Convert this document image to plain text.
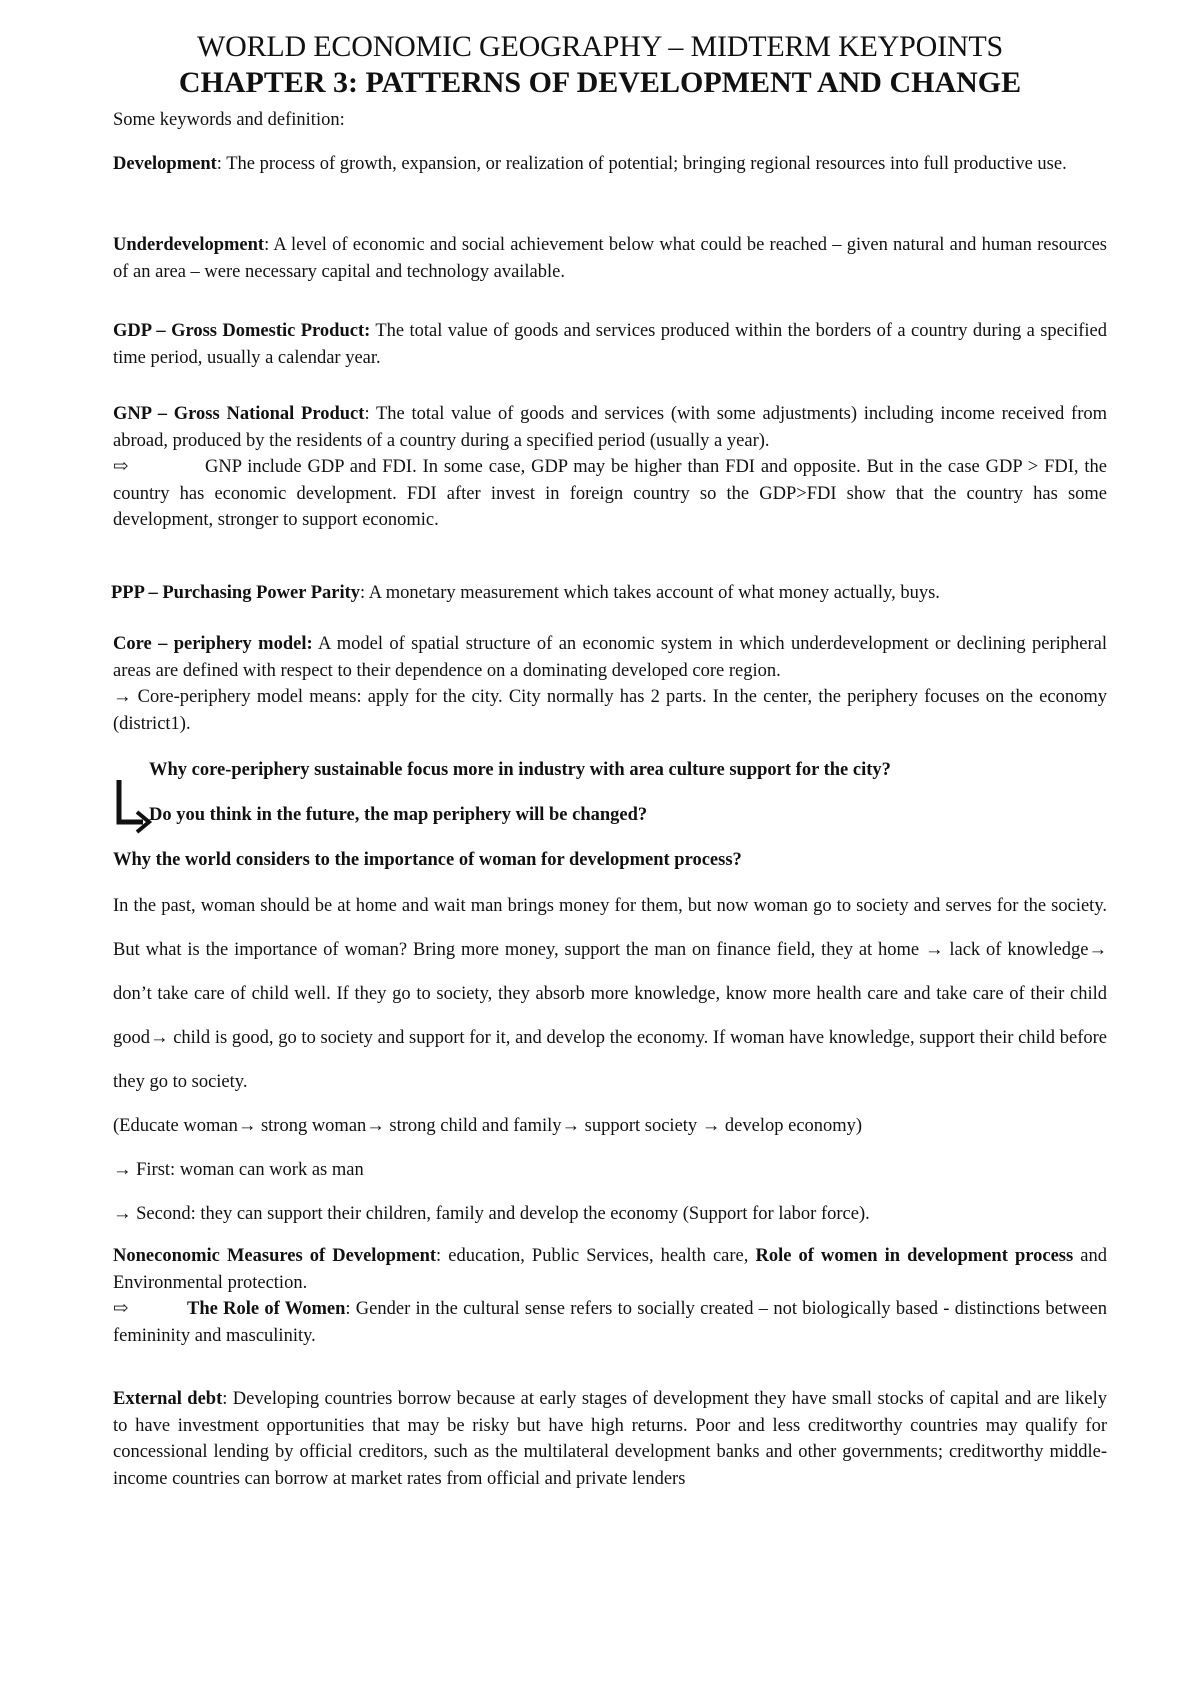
WORLD ECONOMIC GEOGRAPHY – MIDTERM KEYPOINTS
CHAPTER 3: PATTERNS OF DEVELOPMENT AND CHANGE

Some keywords and definition:

Development: The process of growth, expansion, or realization of potential; bringing regional resources into full productive use.

Underdevelopment: A level of economic and social achievement below what could be reached – given natural and human resources of an area – were necessary capital and technology available.

GDP – Gross Domestic Product: The total value of goods and services produced within the borders of a country during a specified time period, usually a calendar year.

GNP – Gross National Product: The total value of goods and services (with some adjustments) including income received from abroad, produced by the residents of a country during a specified period (usually a year).

⇨	GNP include GDP and FDI. In some case, GDP may be higher than FDI and opposite. But in the case GDP > FDI, the country has economic development. FDI after invest in foreign country so the GDP>FDI show that the country has some development, stronger to support economic.

PPP – Purchasing Power Parity: A monetary measurement which takes account of what money actually, buys.

Core – periphery model: A model of spatial structure of an economic system in which underdevelopment or declining peripheral areas are defined with respect to their dependence on a dominating developed core region.

→ Core-periphery model means: apply for the city. City normally has 2 parts. In the center, the periphery focuses on the economy (district1).

Why core-periphery sustainable focus more in industry with area culture support for the city?
Do you think in the future, the map periphery will be changed?
Why the world considers to the importance of woman for development process?

In the past, woman should be at home and wait man brings money for them, but now woman go to society and serves for the society. But what is the importance of woman? Bring more money, support the man on finance field, they at home → lack of knowledge→ don’t take care of child well. If they go to society, they absorb more knowledge, know more health care and take care of their child good→ child is good, go to society and support for it, and develop the economy. If woman have knowledge, support their child before they go to society.

(Educate woman→ strong woman→ strong child and family→ support society → develop economy)

→ First: woman can work as man

→ Second: they can support their children, family and develop the economy (Support for labor force).

Noneconomic Measures of Development: education, Public Services, health care, Role of women in development process and Environmental protection.

⇨	The Role of Women: Gender in the cultural sense refers to socially created – not biologically based - distinctions between femininity and masculinity.

External debt: Developing countries borrow because at early stages of development they have small stocks of capital and are likely to have investment opportunities that may be risky but have high returns. Poor and less creditworthy countries may qualify for concessional lending by official creditors, such as the multilateral development banks and other governments; creditworthy middle-income countries can borrow at market rates from official and private lenders
